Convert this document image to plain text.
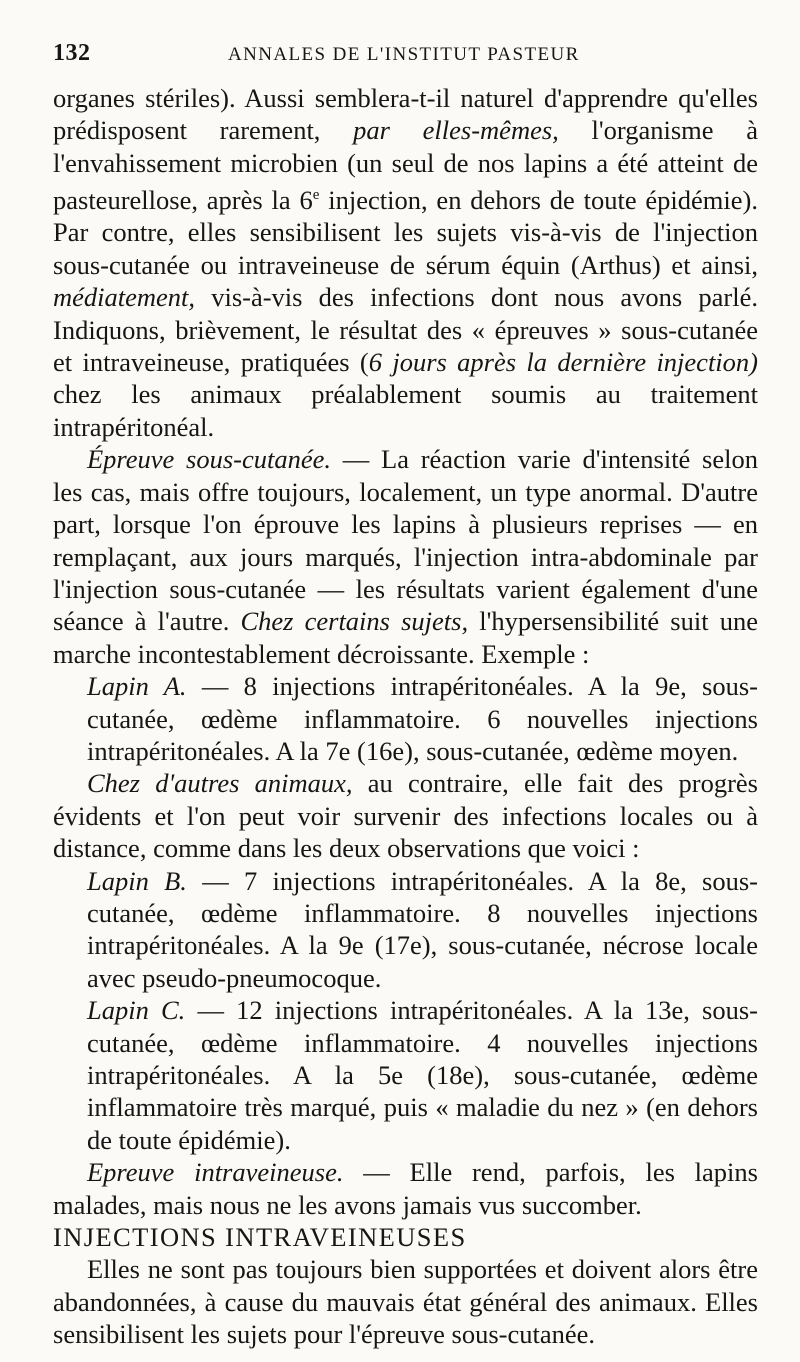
132	ANNALES DE L'INSTITUT PASTEUR

organes stériles). Aussi semblera-t-il naturel d'apprendre qu'elles prédisposent rarement, par elles-mêmes, l'organisme à l'envahissement microbien (un seul de nos lapins a été atteint de pasteurellose, après la 6e injection, en dehors de toute épidémie). Par contre, elles sensibilisent les sujets vis-à-vis de l'injection sous-cutanée ou intraveineuse de sérum équin (Arthus) et ainsi, médiatement, vis-à-vis des infections dont nous avons parlé. Indiquons, brièvement, le résultat des « épreuves » sous-cutanée et intraveineuse, pratiquées (6 jours après la dernière injection) chez les animaux préalablement soumis au traitement intrapéritonéal.

Épreuve sous-cutanée. — La réaction varie d'intensité selon les cas, mais offre toujours, localement, un type anormal. D'autre part, lorsque l'on éprouve les lapins à plusieurs reprises — en remplaçant, aux jours marqués, l'injection intra-abdominale par l'injection sous-cutanée — les résultats varient également d'une séance à l'autre. Chez certains sujets, l'hypersensibilité suit une marche incontestablement décroissante. Exemple :

Lapin A. — 8 injections intrapéritonéales. A la 9e, sous-cutanée, œdème inflammatoire. 6 nouvelles injections intrapéritonéales. A la 7e (16e), sous-cutanée, œdème moyen.

Chez d'autres animaux, au contraire, elle fait des progrès évidents et l'on peut voir survenir des infections locales ou à distance, comme dans les deux observations que voici :

Lapin B. — 7 injections intrapéritonéales. A la 8e, sous-cutanée, œdème inflammatoire. 8 nouvelles injections intrapéritonéales. A la 9e (17e), sous-cutanée, nécrose locale avec pseudo-pneumocoque.

Lapin C. — 12 injections intrapéritonéales. A la 13e, sous-cutanée, œdème inflammatoire. 4 nouvelles injections intrapéritonéales. A la 5e (18e), sous-cutanée, œdème inflammatoire très marqué, puis « maladie du nez » (en dehors de toute épidémie).

Epreuve intraveineuse. — Elle rend, parfois, les lapins malades, mais nous ne les avons jamais vus succomber.

INJECTIONS INTRAVEINEUSES

Elles ne sont pas toujours bien supportées et doivent alors être abandonnées, à cause du mauvais état général des animaux. Elles sensibilisent les sujets pour l'épreuve sous-cutanée.
